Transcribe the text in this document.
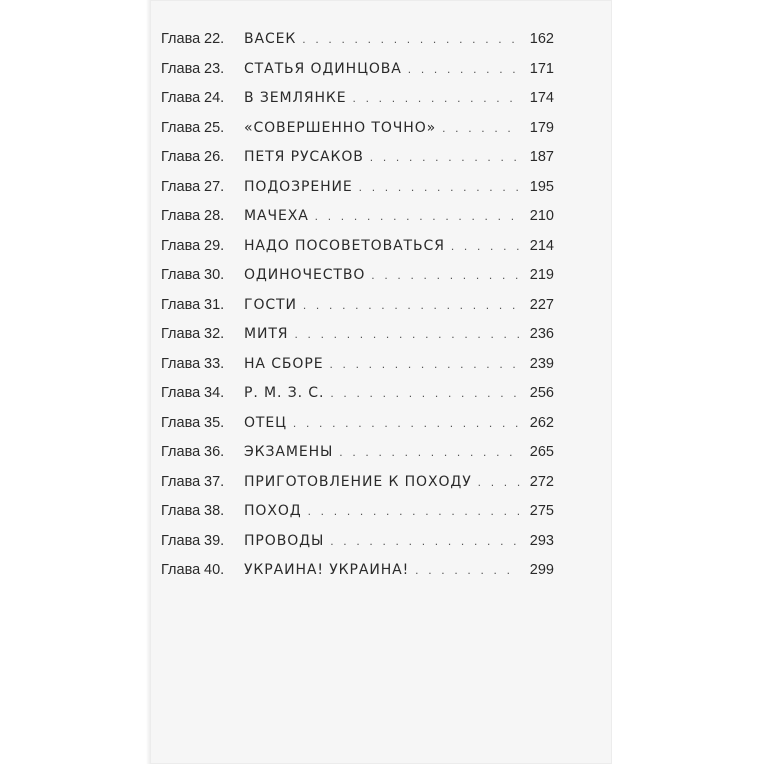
Глава 22.	ВАСЕК . . .	162
Глава 23.	СТАТЬЯ ОДИНЦОВА . . .	171
Глава 24.	В ЗЕМЛЯНКЕ . . .	174
Глава 25.	«СОВЕРШЕННО ТОЧНО» . . .	179
Глава 26.	ПЕТЯ РУСАКОВ . . .	187
Глава 27.	ПОДОЗРЕНИЕ . . .	195
Глава 28.	МАЧЕХА . . .	210
Глава 29.	НАДО ПОСОВЕТОВАТЬСЯ . . .	214
Глава 30.	ОДИНОЧЕСТВО . . .	219
Глава 31.	ГОСТИ . . .	227
Глава 32.	МИТЯ . . .	236
Глава 33.	НА СБОРЕ . . .	239
Глава 34.	Р. М. З. С. . . .	256
Глава 35.	ОТЕЦ . . .	262
Глава 36.	ЭКЗАМЕНЫ . . .	265
Глава 37.	ПРИГОТОВЛЕНИЕ К ПОХОДУ . . .	272
Глава 38.	ПОХОД . . .	275
Глава 39.	ПРОВОДЫ . . .	293
Глава 40.	УКРАИНА! УКРАИНА! . . .	299
